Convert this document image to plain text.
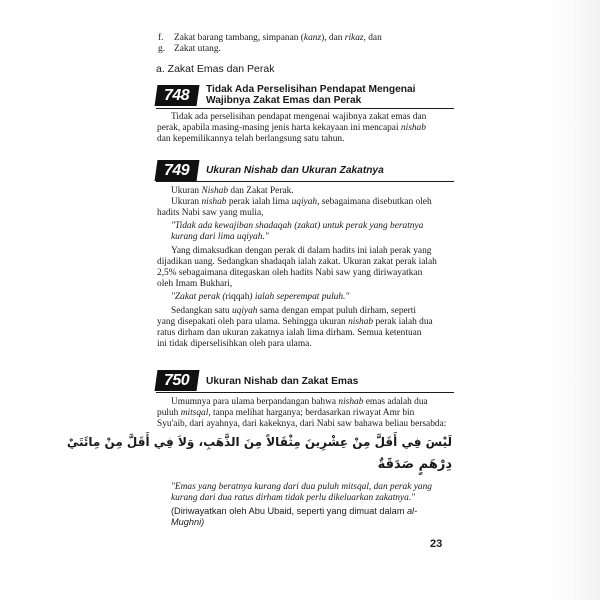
f. Zakat barang tambang, simpanan (kanz), dan rikaz, dan
g. Zakat utang.
a. Zakat Emas dan Perak
748	Tidak Ada Perselisihan Pendapat Mengenai
Wajibnya Zakat Emas dan Perak
Tidak ada perselisihan pendapat mengenai wajibnya zakat emas dan
perak, apabila masing-masing jenis harta kekayaan ini mencapai nishab
dan kepemilikannya telah berlangsung satu tahun.
749	Ukuran Nishab dan Ukuran Zakatnya
Ukuran Nishab dan Zakat Perak.
Ukuran nishab perak ialah lima uqiyah, sebagaimana disebutkan oleh
hadits Nabi saw yang mulia,
"Tidak ada kewajiban shadaqah (zakat) untuk perak yang beratnya
kurang dari lima uqiyah."
Yang dimaksudkan dengan perak di dalam hadits ini ialah perak yang
dijadikan uang. Sedangkan shadaqah ialah zakat. Ukuran zakat perak ialah
2,5% sebagaimana ditegaskan oleh hadits Nabi saw yang diriwayatkan
oleh Imam Bukhari,
"Zakat perak (riqqah) ialah seperempat puluh."
Sedangkan satu uqiyah sama dengan empat puluh dirham, seperti
yang disepakati oleh para ulama. Sehingga ukuran nishab perak ialah dua
ratus dirham dan ukuran zakatnya ialah lima dirham. Semua ketentuan
ini tidak diperselisihkan oleh para ulama.
750	Ukuran Nishab dan Zakat Emas
Umumnya para ulama berpandangan bahwa nishab emas adalah dua
puluh mitsqal, tanpa melihat harganya; berdasarkan riwayat Amr bin
Syu'aib, dari ayahnya, dari kakeknya, dari Nabi saw bahawa beliau bersabda:
لَيْسَ فِي أَقَلَّ مِنْ عِشْرِينَ مِثْقَالاً مِنَ الذَّهَبِ، وَلاَ فِي أَقَلَّ مِنْ مِائَتَيْ
دِرْهَمٍ صَدَقَةٌ
"Emas yang beratnya kurang dari dua puluh mitsqal, dan perak yang
kurang dari dua ratus dirham tidak perlu dikeluarkan zakatnya."
(Diriwayatkan oleh Abu Ubaid, seperti yang dimuat dalam al-
Mughni)
23
